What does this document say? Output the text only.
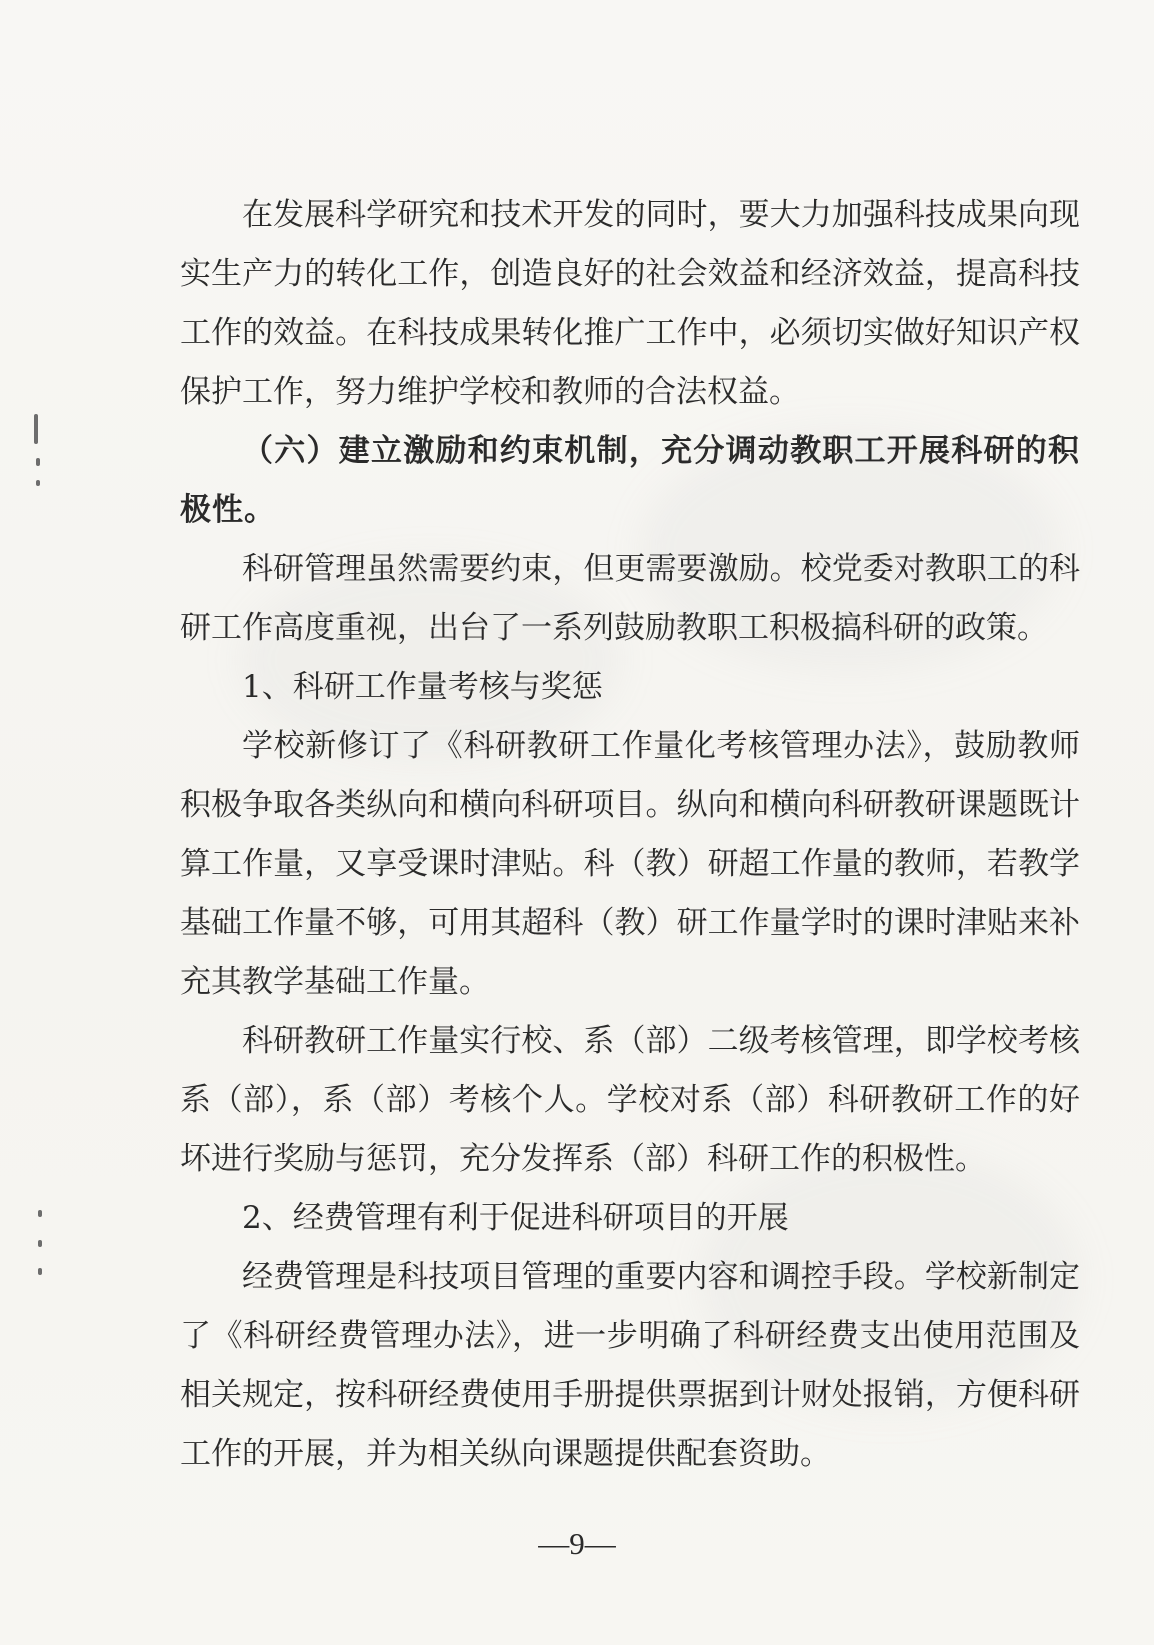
在发展科学研究和技术开发的同时，要大力加强科技成果向现实生产力的转化工作，创造良好的社会效益和经济效益，提高科技工作的效益。在科技成果转化推广工作中，必须切实做好知识产权保护工作，努力维护学校和教师的合法权益。

（六）建立激励和约束机制，充分调动教职工开展科研的积极性。

科研管理虽然需要约束，但更需要激励。校党委对教职工的科研工作高度重视，出台了一系列鼓励教职工积极搞科研的政策。

1、科研工作量考核与奖惩

学校新修订了《科研教研工作量化考核管理办法》，鼓励教师积极争取各类纵向和横向科研项目。纵向和横向科研教研课题既计算工作量，又享受课时津贴。科（教）研超工作量的教师，若教学基础工作量不够，可用其超科（教）研工作量学时的课时津贴来补充其教学基础工作量。

科研教研工作量实行校、系（部）二级考核管理，即学校考核系（部），系（部）考核个人。学校对系（部）科研教研工作的好坏进行奖励与惩罚，充分发挥系（部）科研工作的积极性。

2、经费管理有利于促进科研项目的开展

经费管理是科技项目管理的重要内容和调控手段。学校新制定了《科研经费管理办法》，进一步明确了科研经费支出使用范围及相关规定，按科研经费使用手册提供票据到计财处报销，方便科研工作的开展，并为相关纵向课题提供配套资助。

—9—
